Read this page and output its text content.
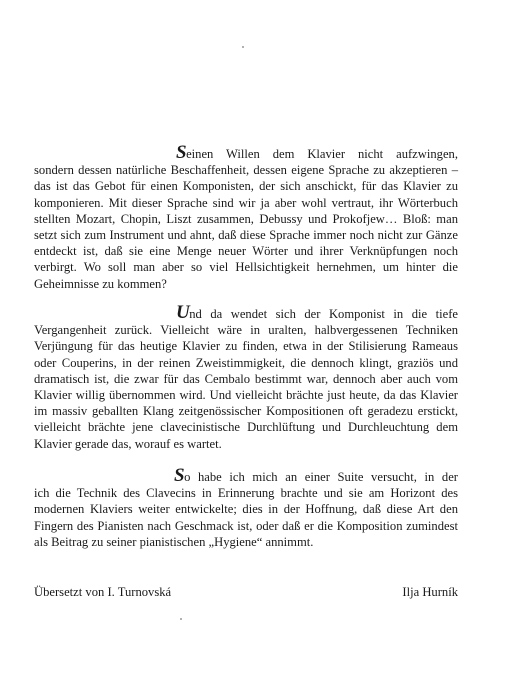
Seinen Willen dem Klavier nicht aufzwingen,
sondern dessen natürliche Beschaffenheit, dessen eigene Sprache zu akzeptieren – das ist das Gebot für einen Komponisten, der sich anschickt, für das Klavier zu komponieren. Mit dieser Sprache sind wir ja aber wohl vertraut, ihr Wörterbuch stellten Mozart, Chopin, Liszt zusammen, Debussy und Prokofjew… Bloß: man setzt sich zum Instrument und ahnt, daß diese Sprache immer noch nicht zur Gänze entdeckt ist, daß sie eine Menge neuer Wörter und ihrer Verknüpfungen noch verbirgt. Wo soll man aber so viel Hellsichtigkeit hernehmen, um hinter die Geheimnisse zu kommen?

Und da wendet sich der Komponist in die tiefe
Vergangenheit zurück. Vielleicht wäre in uralten, halbvergessenen Techniken Verjüngung für das heutige Klavier zu finden, etwa in der Stilisierung Rameaus oder Couperins, in der reinen Zweistimmigkeit, die dennoch klingt, graziös und dramatisch ist, die zwar für das Cembalo bestimmt war, dennoch aber auch vom Klavier willig übernommen wird. Und vielleicht brächte just heute, da das Klavier im massiv geballten Klang zeitgenössischer Kompositionen oft geradezu erstickt, vielleicht brächte jene clavecinistische Durchlüftung und Durchleuchtung dem Klavier gerade das, worauf es wartet.

So habe ich mich an einer Suite versucht, in der
ich die Technik des Clavecins in Erinnerung brachte und sie am Horizont des modernen Klaviers weiter entwickelte; dies in der Hoffnung, daß diese Art den Fingern des Pianisten nach Geschmack ist, oder daß er die Komposition zumindest als Beitrag zu seiner pianistischen „Hygiene“ annimmt.

Übersetzt von I. Turnovská	Ilja Hurník
